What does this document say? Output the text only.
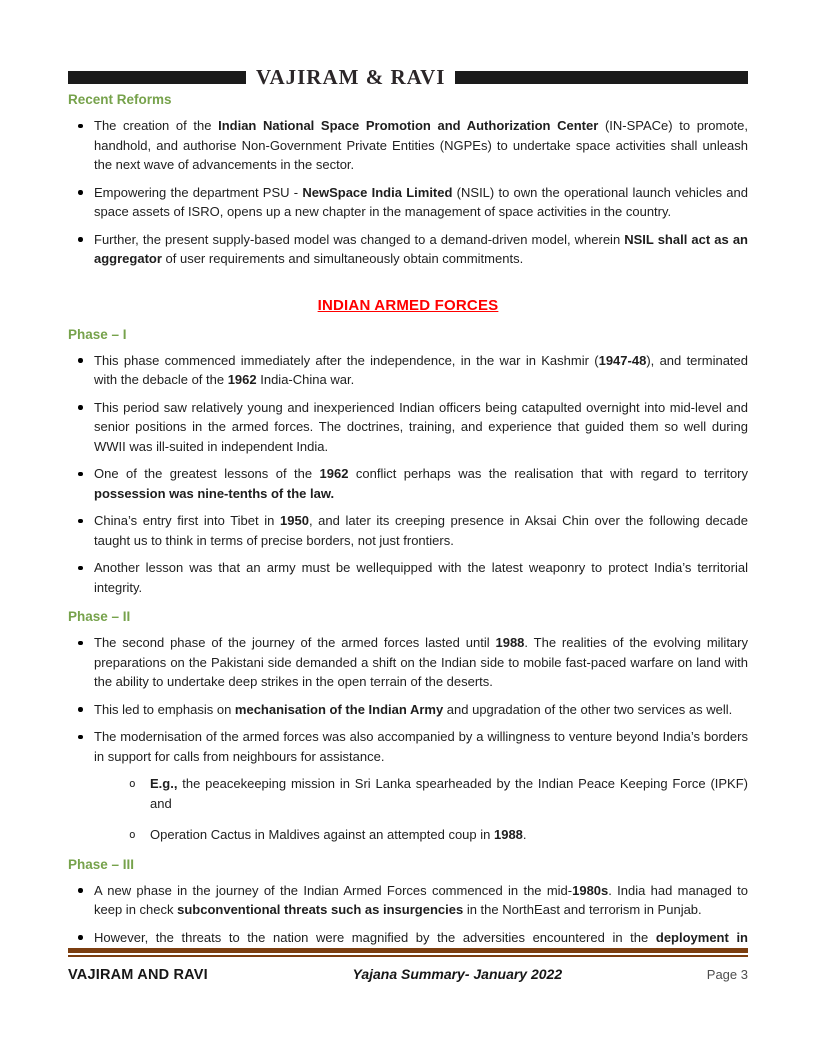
VAJIRAM & RAVI
Recent Reforms
The creation of the Indian National Space Promotion and Authorization Center (IN-SPACe) to promote, handhold, and authorise Non-Government Private Entities (NGPEs) to undertake space activities shall unleash the next wave of advancements in the sector.
Empowering the department PSU - NewSpace India Limited (NSIL) to own the operational launch vehicles and space assets of ISRO, opens up a new chapter in the management of space activities in the country.
Further, the present supply-based model was changed to a demand-driven model, wherein NSIL shall act as an aggregator of user requirements and simultaneously obtain commitments.
INDIAN ARMED FORCES
Phase – I
This phase commenced immediately after the independence, in the war in Kashmir (1947-48), and terminated with the debacle of the 1962 India-China war.
This period saw relatively young and inexperienced Indian officers being catapulted overnight into mid-level and senior positions in the armed forces. The doctrines, training, and experience that guided them so well during WWII was ill-suited in independent India.
One of the greatest lessons of the 1962 conflict perhaps was the realisation that with regard to territory possession was nine-tenths of the law.
China’s entry first into Tibet in 1950, and later its creeping presence in Aksai Chin over the following decade taught us to think in terms of precise borders, not just frontiers.
Another lesson was that an army must be wellequipped with the latest weaponry to protect India’s territorial integrity.
Phase – II
The second phase of the journey of the armed forces lasted until 1988. The realities of the evolving military preparations on the Pakistani side demanded a shift on the Indian side to mobile fast-paced warfare on land with the ability to undertake deep strikes in the open terrain of the deserts.
This led to emphasis on mechanisation of the Indian Army and upgradation of the other two services as well.
The modernisation of the armed forces was also accompanied by a willingness to venture beyond India’s borders in support for calls from neighbours for assistance.
o E.g., the peacekeeping mission in Sri Lanka spearheaded by the Indian Peace Keeping Force (IPKF) and
o Operation Cactus in Maldives against an attempted coup in 1988.
Phase – III
A new phase in the journey of the Indian Armed Forces commenced in the mid-1980s. India had managed to keep in check subconventional threats such as insurgencies in the NorthEast and terrorism in Punjab.
However, the threats to the nation were magnified by the adversities encountered in the deployment in
VAJIRAM AND RAVI	Yajana Summary- January 2022	Page 3
